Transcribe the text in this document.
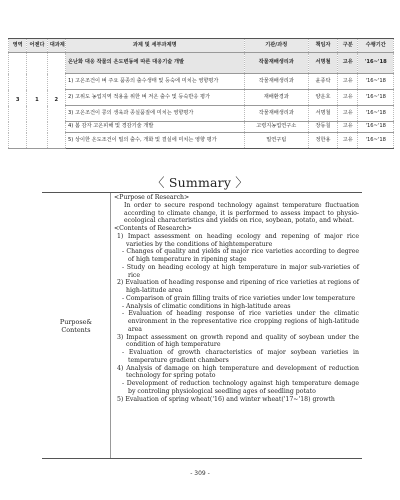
영역	어젠다	대과제	과제 및 세부과제명	기관/과정	책임자	구분	수행기간
3	1	2	온난화 대응 작물의 온도변동에 따른 대응기술 개발	작물재배생리과	서명철	고유	'16~'18
			1) 고온조건이 벼 주요 품종의 출수생태 및 등숙에 미치는 영향평가	작물재배생리과	윤종탁	고유	'16~'18
			2) 고위도 농업지역 적용을 위한 벼 저온 출수 및 등숙반응 평가	재배환경과	양운호	고유	'16~'18
			3) 고온조건이 콩의 생육과 종실품질에 미치는 영향평가	작물재배생리과	서명철	고유	'16~'18
			4) 봄 감자 고온피해 및 경감기술 개발	고령지농업연구소	장동칠	고유	'16~'18
			5) 상이한 온도조건이 밀의 출수, 개화 및 결실에 미치는 영향 평가	밀연구팀	정한용	고유	'16~'18
〈 Summary 〉
Purpose&
Contents

<Purpose of Research>

In order to secure respond technology against temperature fluctuation according to climate change, it is performed to assess impact to physio-ecological characteristics and yields on rice, soybean, potato, and wheat.

<Contents of Research>

1) Impact assessment on heading ecology and repening of major rice varieties by the conditions of hightemperature

- Changes of quality and yields of major rice varieties according to degree of high temperature in ripening stage

- Study on heading ecology at high temperature in major sub-varieties of rice

2) Evaluation of heading response and ripening of rice varieties at regions of high-latitude area

- Comparison of grain filling traits of rice varieties under low temperature

- Analysis of climatic conditions in high-latitude areas

- Evaluation of heading response of rice varieties under the climatic environment in the representative rice cropping regions of high-latitude area

3) Impact assessment on growth repond and quality of soybean under the condition of high temperature

- Evaluation of growth characteristics of major soybean varieties in temperature gradient chambers

4) Analysis of damage on high temperature and development of reduction technology for spring potato

- Development of reduction technology against high temperature demage by controling physiological seedling ages of seedling potato

5) Evaluation of spring wheat('16) and winter wheat('17~'18) growth

- 309 -
